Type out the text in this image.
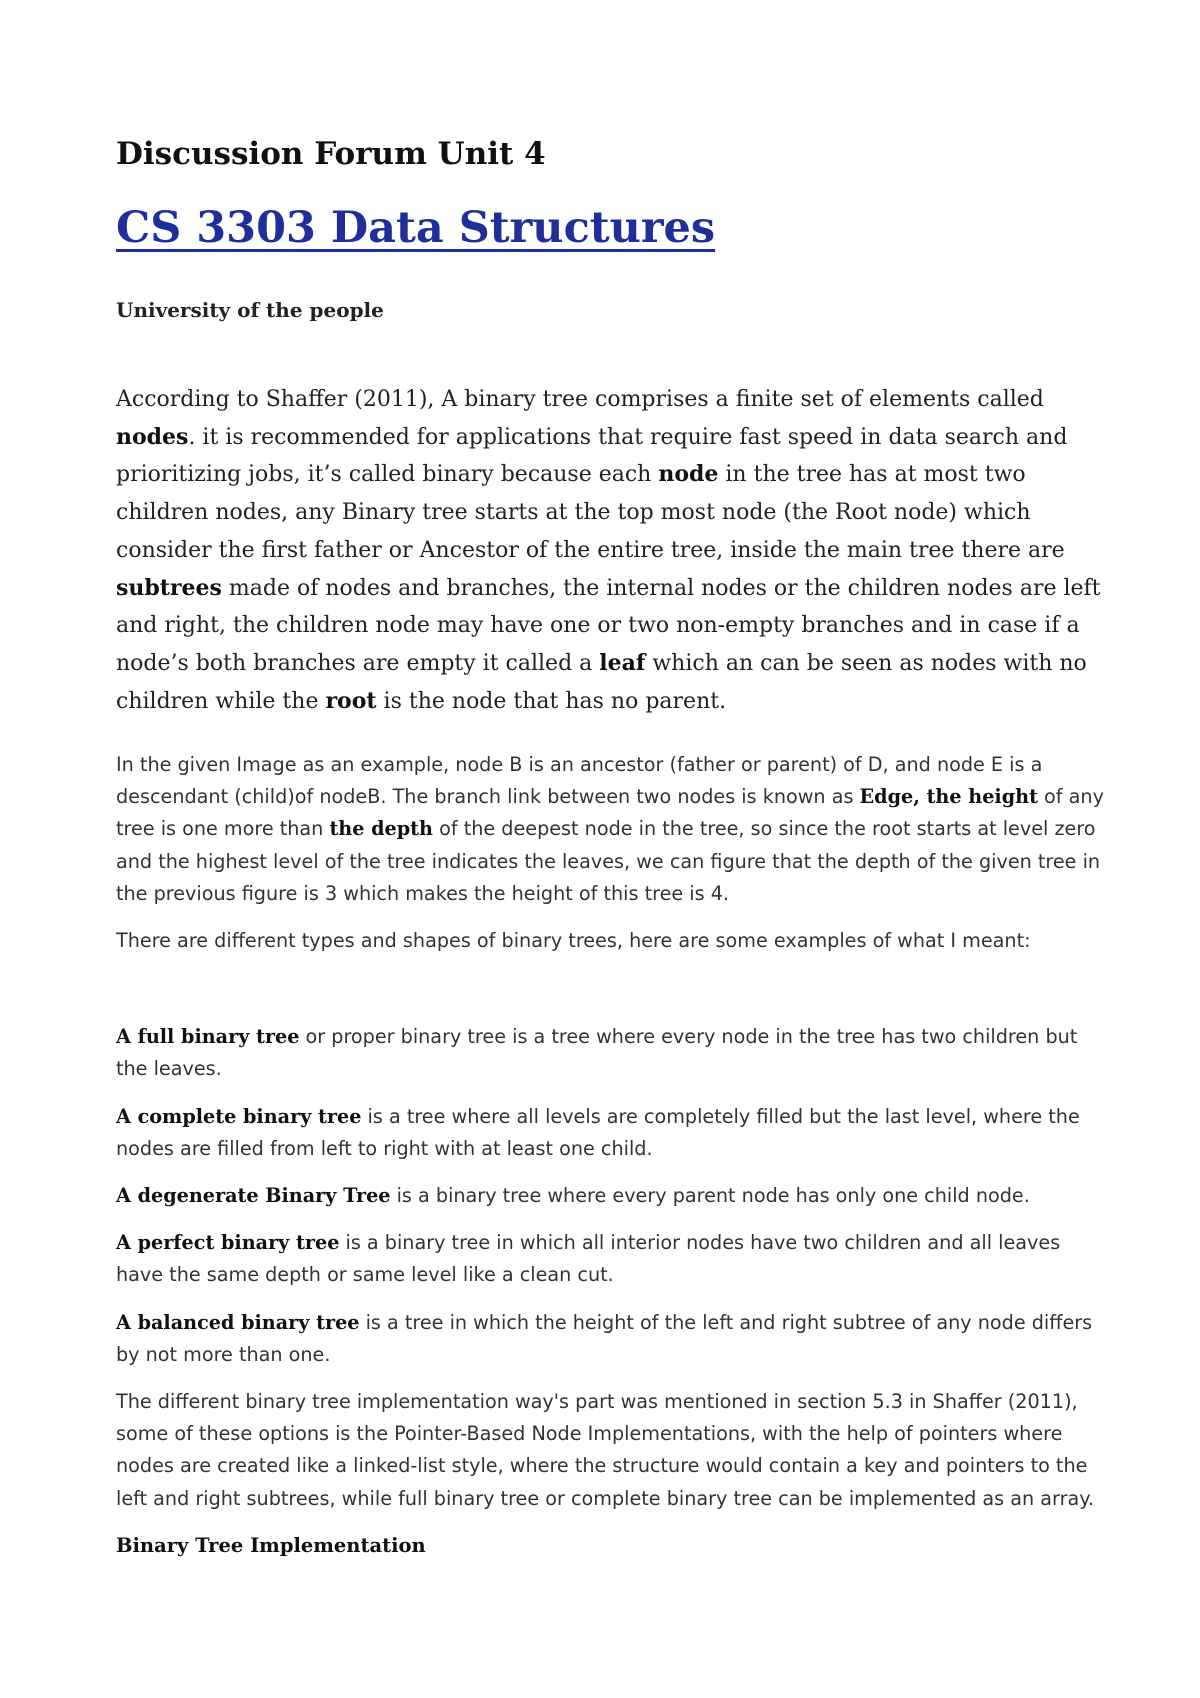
Discussion Forum Unit 4
CS 3303 Data Structures

University of the people

According to Shaffer (2011), A binary tree comprises a finite set of elements called nodes. it is recommended for applications that require fast speed in data search and prioritizing jobs, it’s called binary because each node in the tree has at most two children nodes, any Binary tree starts at the top most node (the Root node) which consider the first father or Ancestor of the entire tree, inside the main tree there are subtrees made of nodes and branches, the internal nodes or the children nodes are left and right, the children node may have one or two non-empty branches and in case if a node’s both branches are empty it called a leaf which an can be seen as nodes with no children while the root is the node that has no parent.

In the given Image as an example, node B is an ancestor (father or parent) of D, and node E is a descendant (child)of nodeB. The branch link between two nodes is known as Edge, the height of any tree is one more than the depth of the deepest node in the tree, so since the root starts at level zero and the highest level of the tree indicates the leaves, we can figure that the depth of the given tree in the previous figure is 3 which makes the height of this tree is 4.

There are different types and shapes of binary trees, here are some examples of what I meant:

A full binary tree or proper binary tree is a tree where every node in the tree has two children but the leaves.

A complete binary tree is a tree where all levels are completely filled but the last level, where the nodes are filled from left to right with at least one child.

A degenerate Binary Tree is a binary tree where every parent node has only one child node.

A perfect binary tree is a binary tree in which all interior nodes have two children and all leaves have the same depth or same level like a clean cut.

A balanced binary tree is a tree in which the height of the left and right subtree of any node differs by not more than one.

The different binary tree implementation way's part was mentioned in section 5.3 in Shaffer (2011), some of these options is the Pointer-Based Node Implementations, with the help of pointers where nodes are created like a linked-list style, where the structure would contain a key and pointers to the left and right subtrees, while full binary tree or complete binary tree can be implemented as an array.

Binary Tree Implementation
